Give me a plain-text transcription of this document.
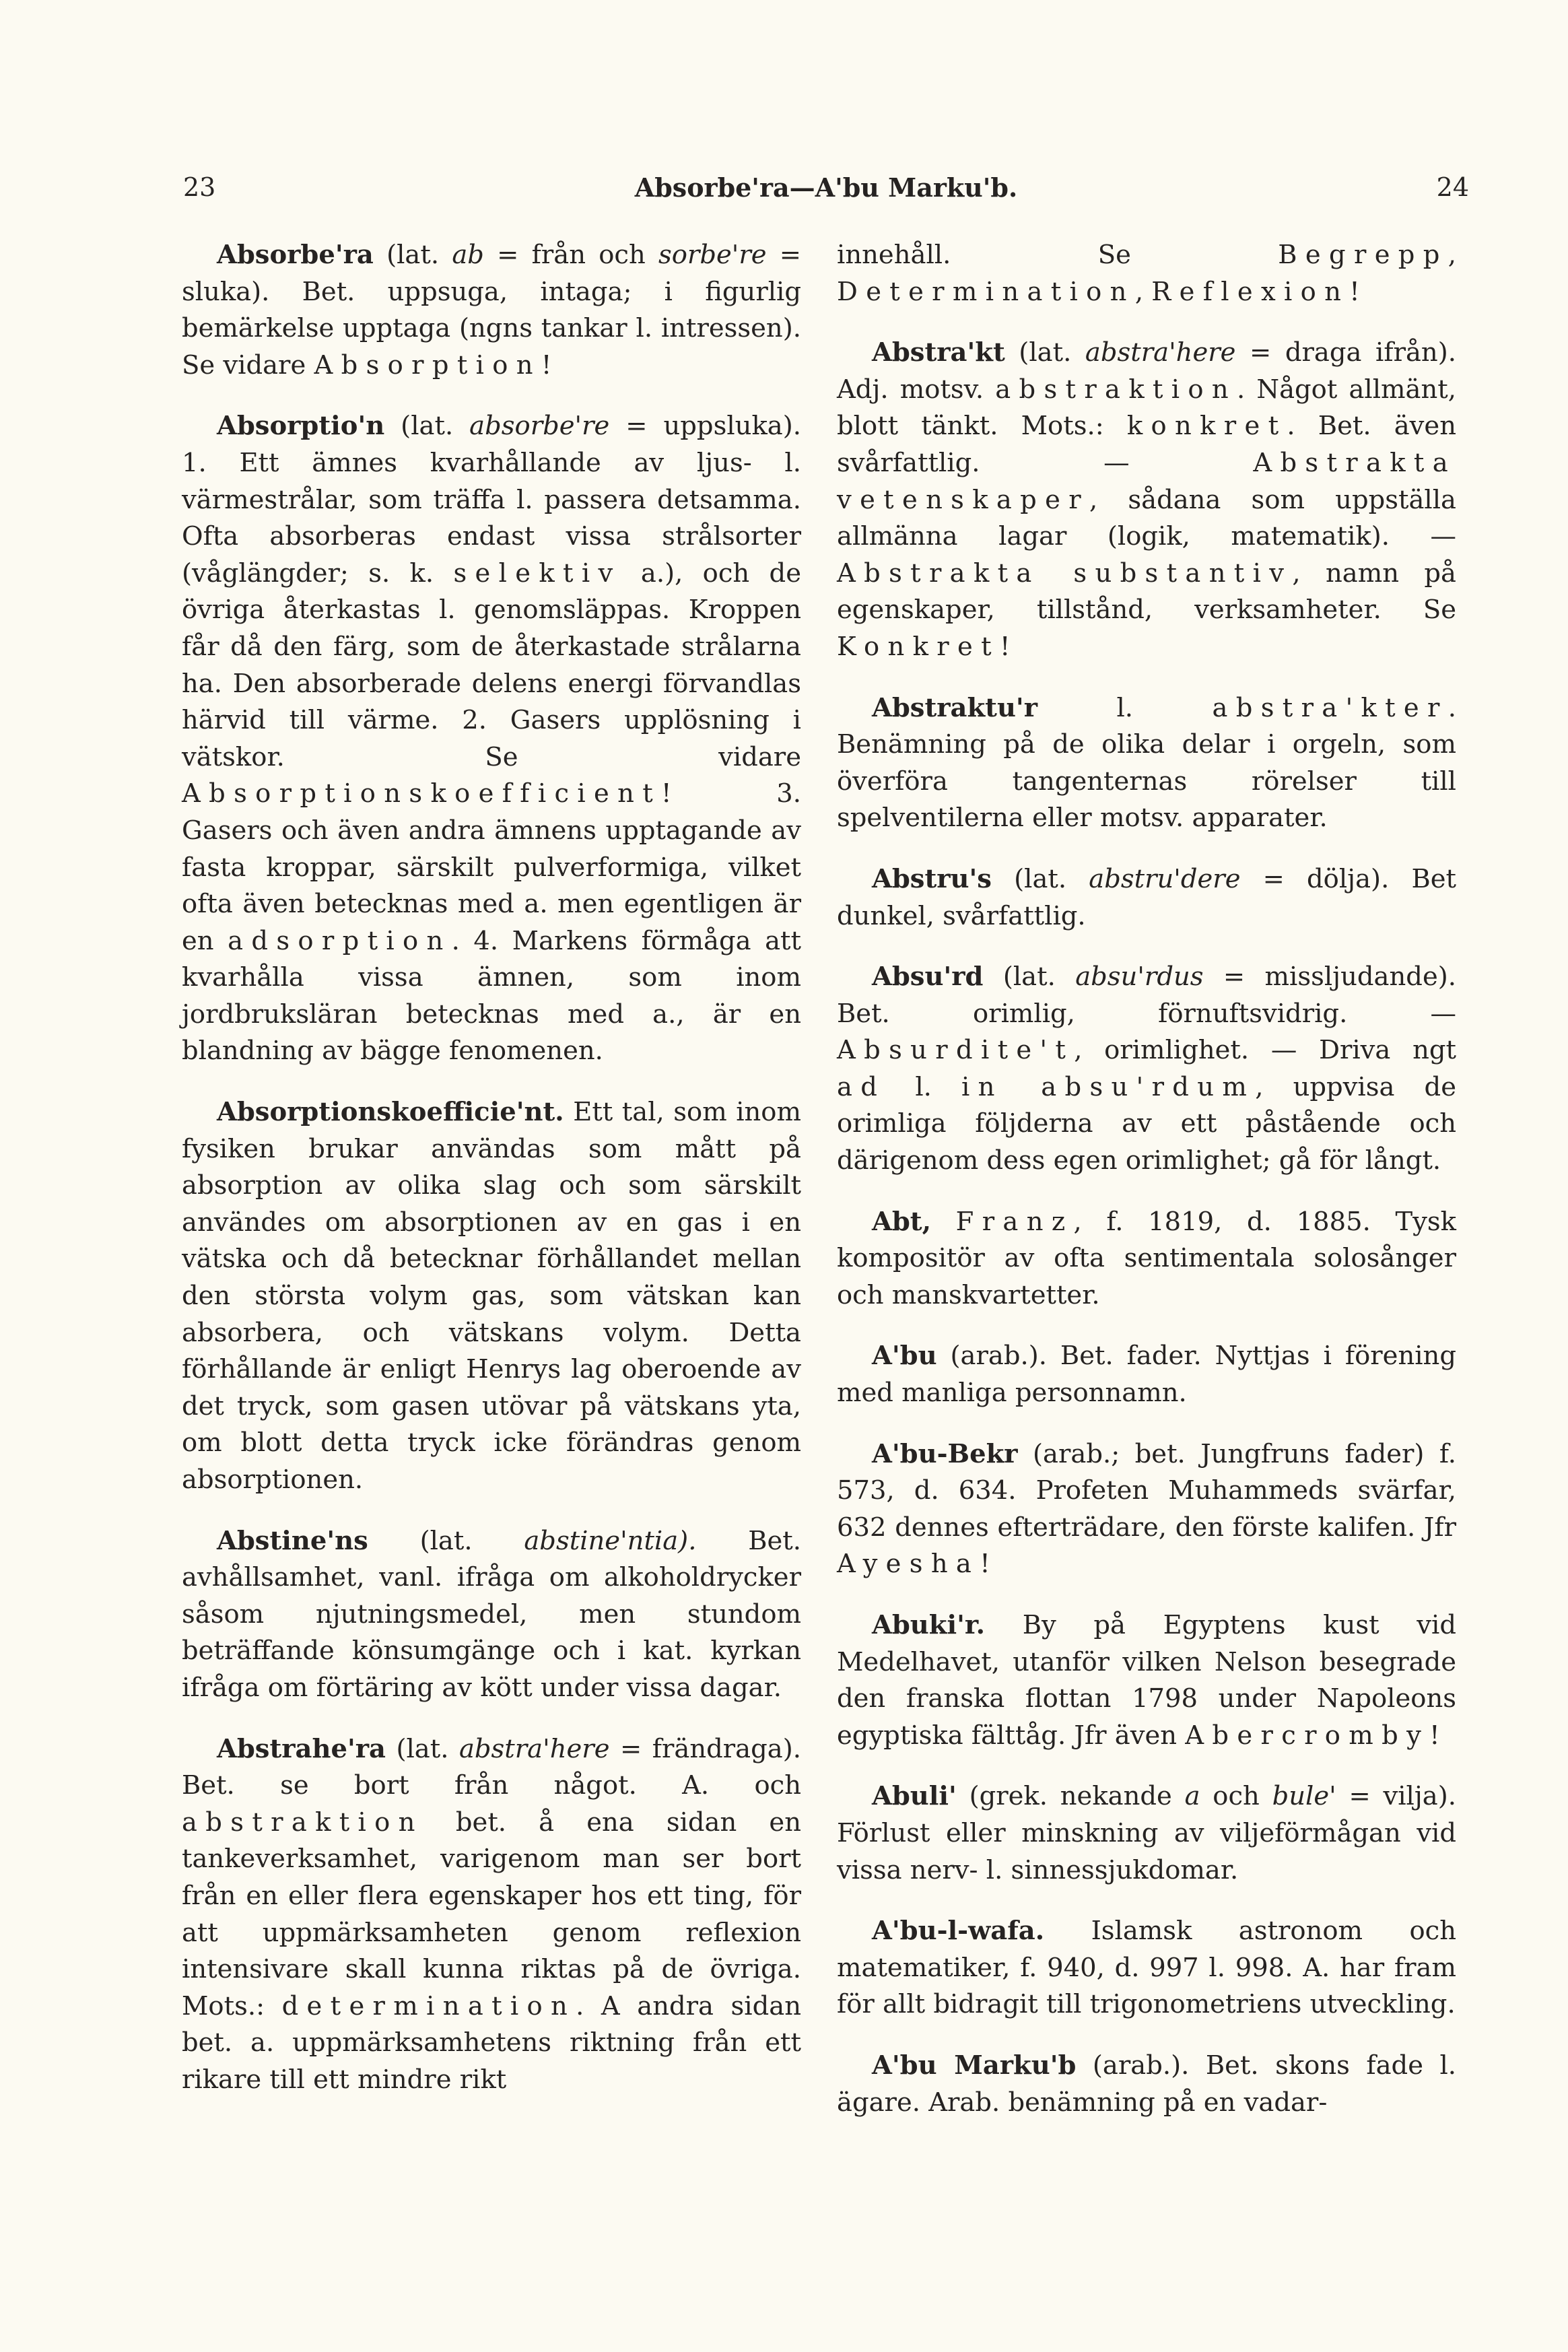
23	Absorbe'ra—A'bu Marku'b.	24

Absorbe'ra (lat. ab = från och sorbe're = sluka). Bet. uppsuga, intaga; i figurlig bemärkelse upptaga (ngns tankar l. intressen). Se vidare Absorption!

Absorptio'n (lat. absorbe're = uppsluka). 1. Ett ämnes kvarhållande av ljus- l. värmestrålar, som träffa l. passera detsamma. Ofta absorberas endast vissa strålsorter (våglängder; s. k. selektiv a.), och de övriga återkastas l. genomsläppas. Kroppen får då den färg, som de återkastade strålarna ha. Den absorberade delens energi förvandlas härvid till värme. 2. Gasers upplösning i vätskor. Se vidare Absorptionskoefficient! 3. Gasers och även andra ämnens upptagande av fasta kroppar, särskilt pulverformiga, vilket ofta även betecknas med a. men egentligen är en adsorption. 4. Markens förmåga att kvarhålla vissa ämnen, som inom jordbruksläran betecknas med a., är en blandning av bägge fenomenen.

Absorptionskoefficie'nt. Ett tal, som inom fysiken brukar användas som mått på absorption av olika slag och som särskilt användes om absorptionen av en gas i en vätska och då betecknar förhållandet mellan den största volym gas, som vätskan kan absorbera, och vätskans volym. Detta förhållande är enligt Henrys lag oberoende av det tryck, som gasen utövar på vätskans yta, om blott detta tryck icke förändras genom absorptionen.

Abstine'ns (lat. abstine'ntia). Bet. avhållsamhet, vanl. ifråga om alkoholdrycker såsom njutningsmedel, men stundom beträffande könsumgänge och i kat. kyrkan ifråga om förtäring av kött under vissa dagar.

Abstrahe'ra (lat. abstra'here = frändraga). Bet. se bort från något. A. och abstraktion bet. å ena sidan en tankeverksamhet, varigenom man ser bort från en eller flera egenskaper hos ett ting, för att uppmärksamheten genom reflexion intensivare skall kunna riktas på de övriga. Mots.: determination. A andra sidan bet. a. uppmärksamhetens riktning från ett rikare till ett mindre rikt

innehåll. Se Begrepp, Determination, Reflexion!

Abstra'kt (lat. abstra'here = draga ifrån). Adj. motsv. abstraktion. Något allmänt, blott tänkt. Mots.: konkret. Bet. även svårfattlig. — Abstrakta vetenskaper, sådana som uppställa allmänna lagar (logik, matematik). — Abstrakta substantiv, namn på egenskaper, tillstånd, verksamheter. Se Konkret!

Abstraktu'r l. abstra'kter. Benämning på de olika delar i orgeln, som överföra tangenternas rörelser till spelventilerna eller motsv. apparater.

Abstru's (lat. abstru'dere = dölja). Bet dunkel, svårfattlig.

Absu'rd (lat. absu'rdus = missljudande). Bet. orimlig, förnuftsvidrig. — Absurdite't, orimlighet. — Driva ngt ad l. in absu'rdum, uppvisa de orimliga följderna av ett påstående och därigenom dess egen orimlighet; gå för långt.

Abt, Franz, f. 1819, d. 1885. Tysk kompositör av ofta sentimentala solosånger och manskvartetter.

A'bu (arab.). Bet. fader. Nyttjas i förening med manliga personnamn.

A'bu-Bekr (arab.; bet. Jungfruns fader) f. 573, d. 634. Profeten Muhammeds svärfar, 632 dennes efterträdare, den förste kalifen. Jfr Ayesha!

Abuki'r. By på Egyptens kust vid Medelhavet, utanför vilken Nelson besegrade den franska flottan 1798 under Napoleons egyptiska fälttåg. Jfr även Abercromby!

Abuli' (grek. nekande a och bule' = vilja). Förlust eller minskning av viljeförmågan vid vissa nerv- l. sinnessjukdomar.

A'bu-l-wafa. Islamsk astronom och matematiker, f. 940, d. 997 l. 998. A. har fram för allt bidragit till trigonometriens utveckling.

A'bu Marku'b (arab.). Bet. skons fade l. ägare. Arab. benämning på en vadar-
